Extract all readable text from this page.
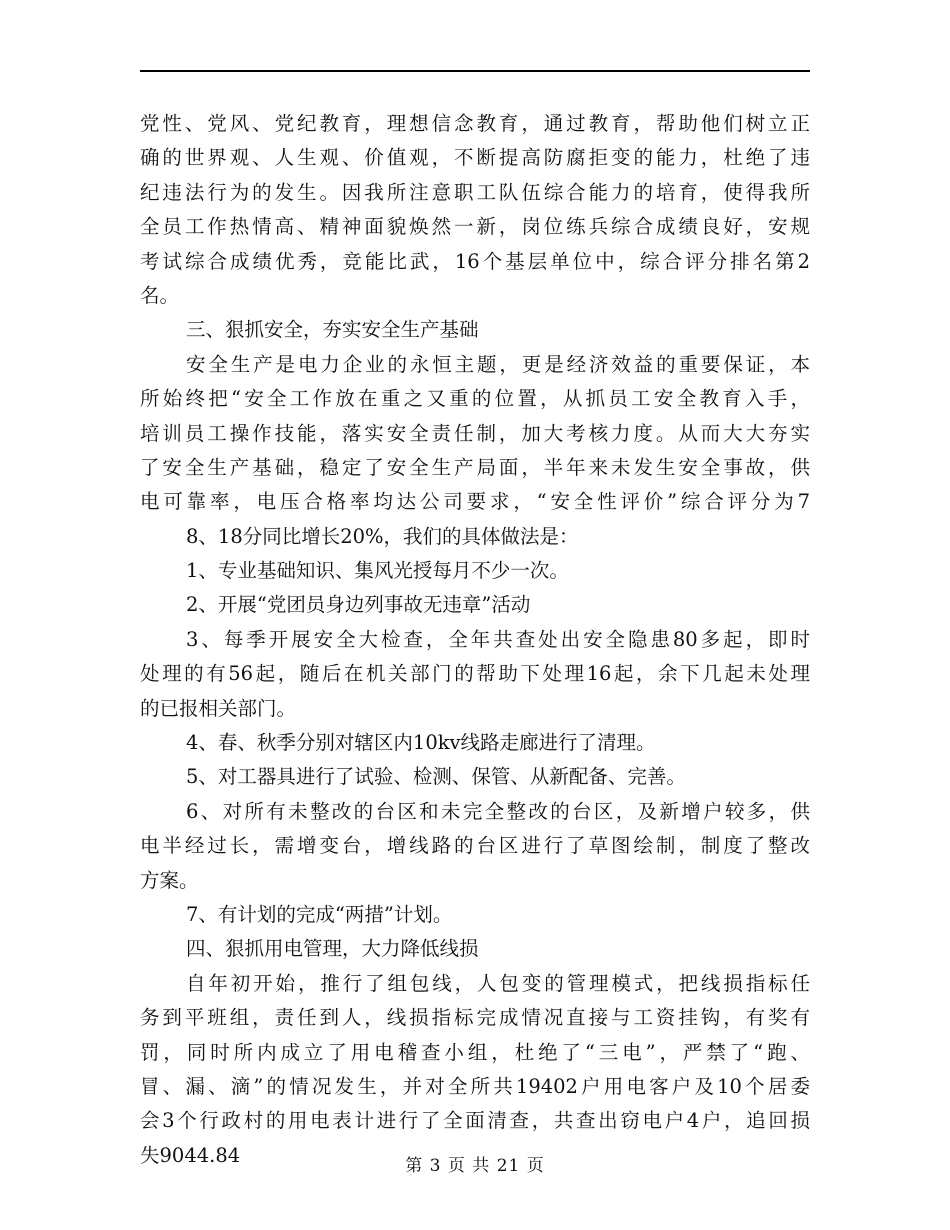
党性、党风、党纪教育，理想信念教育，通过教育，帮助他们树立正
确的世界观、人生观、价值观，不断提高防腐拒变的能力，杜绝了违
纪违法行为的发生。因我所注意职工队伍综合能力的培育，使得我所
全员工作热情高、精神面貌焕然一新，岗位练兵综合成绩良好，安规
考试综合成绩优秀，竞能比武，16个基层单位中，综合评分排名第2
名。
三、狠抓安全，夯实安全生产基础
安全生产是电力企业的永恒主题，更是经济效益的重要保证，本
所始终把“安全工作放在重之又重的位置，从抓员工安全教育入手，
培训员工操作技能，落实安全责任制，加大考核力度。从而大大夯实
了安全生产基础，稳定了安全生产局面，半年来未发生安全事故，供
电可靠率，电压合格率均达公司要求，“安全性评价”综合评分为7
8、18分同比增长20%，我们的具体做法是：
1、专业基础知识、集风光授每月不少一次。
2、开展“党团员身边列事故无违章”活动
3、每季开展安全大检查，全年共查处出安全隐患80多起，即时
处理的有56起，随后在机关部门的帮助下处理16起，余下几起未处理
的已报相关部门。
4、春、秋季分别对辖区内10kv线路走廊进行了清理。
5、对工器具进行了试验、检测、保管、从新配备、完善。
6、对所有未整改的台区和未完全整改的台区，及新增户较多，供
电半经过长，需增变台，增线路的台区进行了草图绘制，制度了整改
方案。
7、有计划的完成“两措”计划。
四、狠抓用电管理，大力降低线损
自年初开始，推行了组包线，人包变的管理模式，把线损指标任
务到平班组，责任到人，线损指标完成情况直接与工资挂钩，有奖有
罚，同时所内成立了用电稽查小组，杜绝了“三电”，严禁了“跑、
冒、漏、滴”的情况发生，并对全所共19402户用电客户及10个居委
会3个行政村的用电表计进行了全面清查，共查出窃电户4户，追回损
失9044.84	第 3 页 共 21 页
